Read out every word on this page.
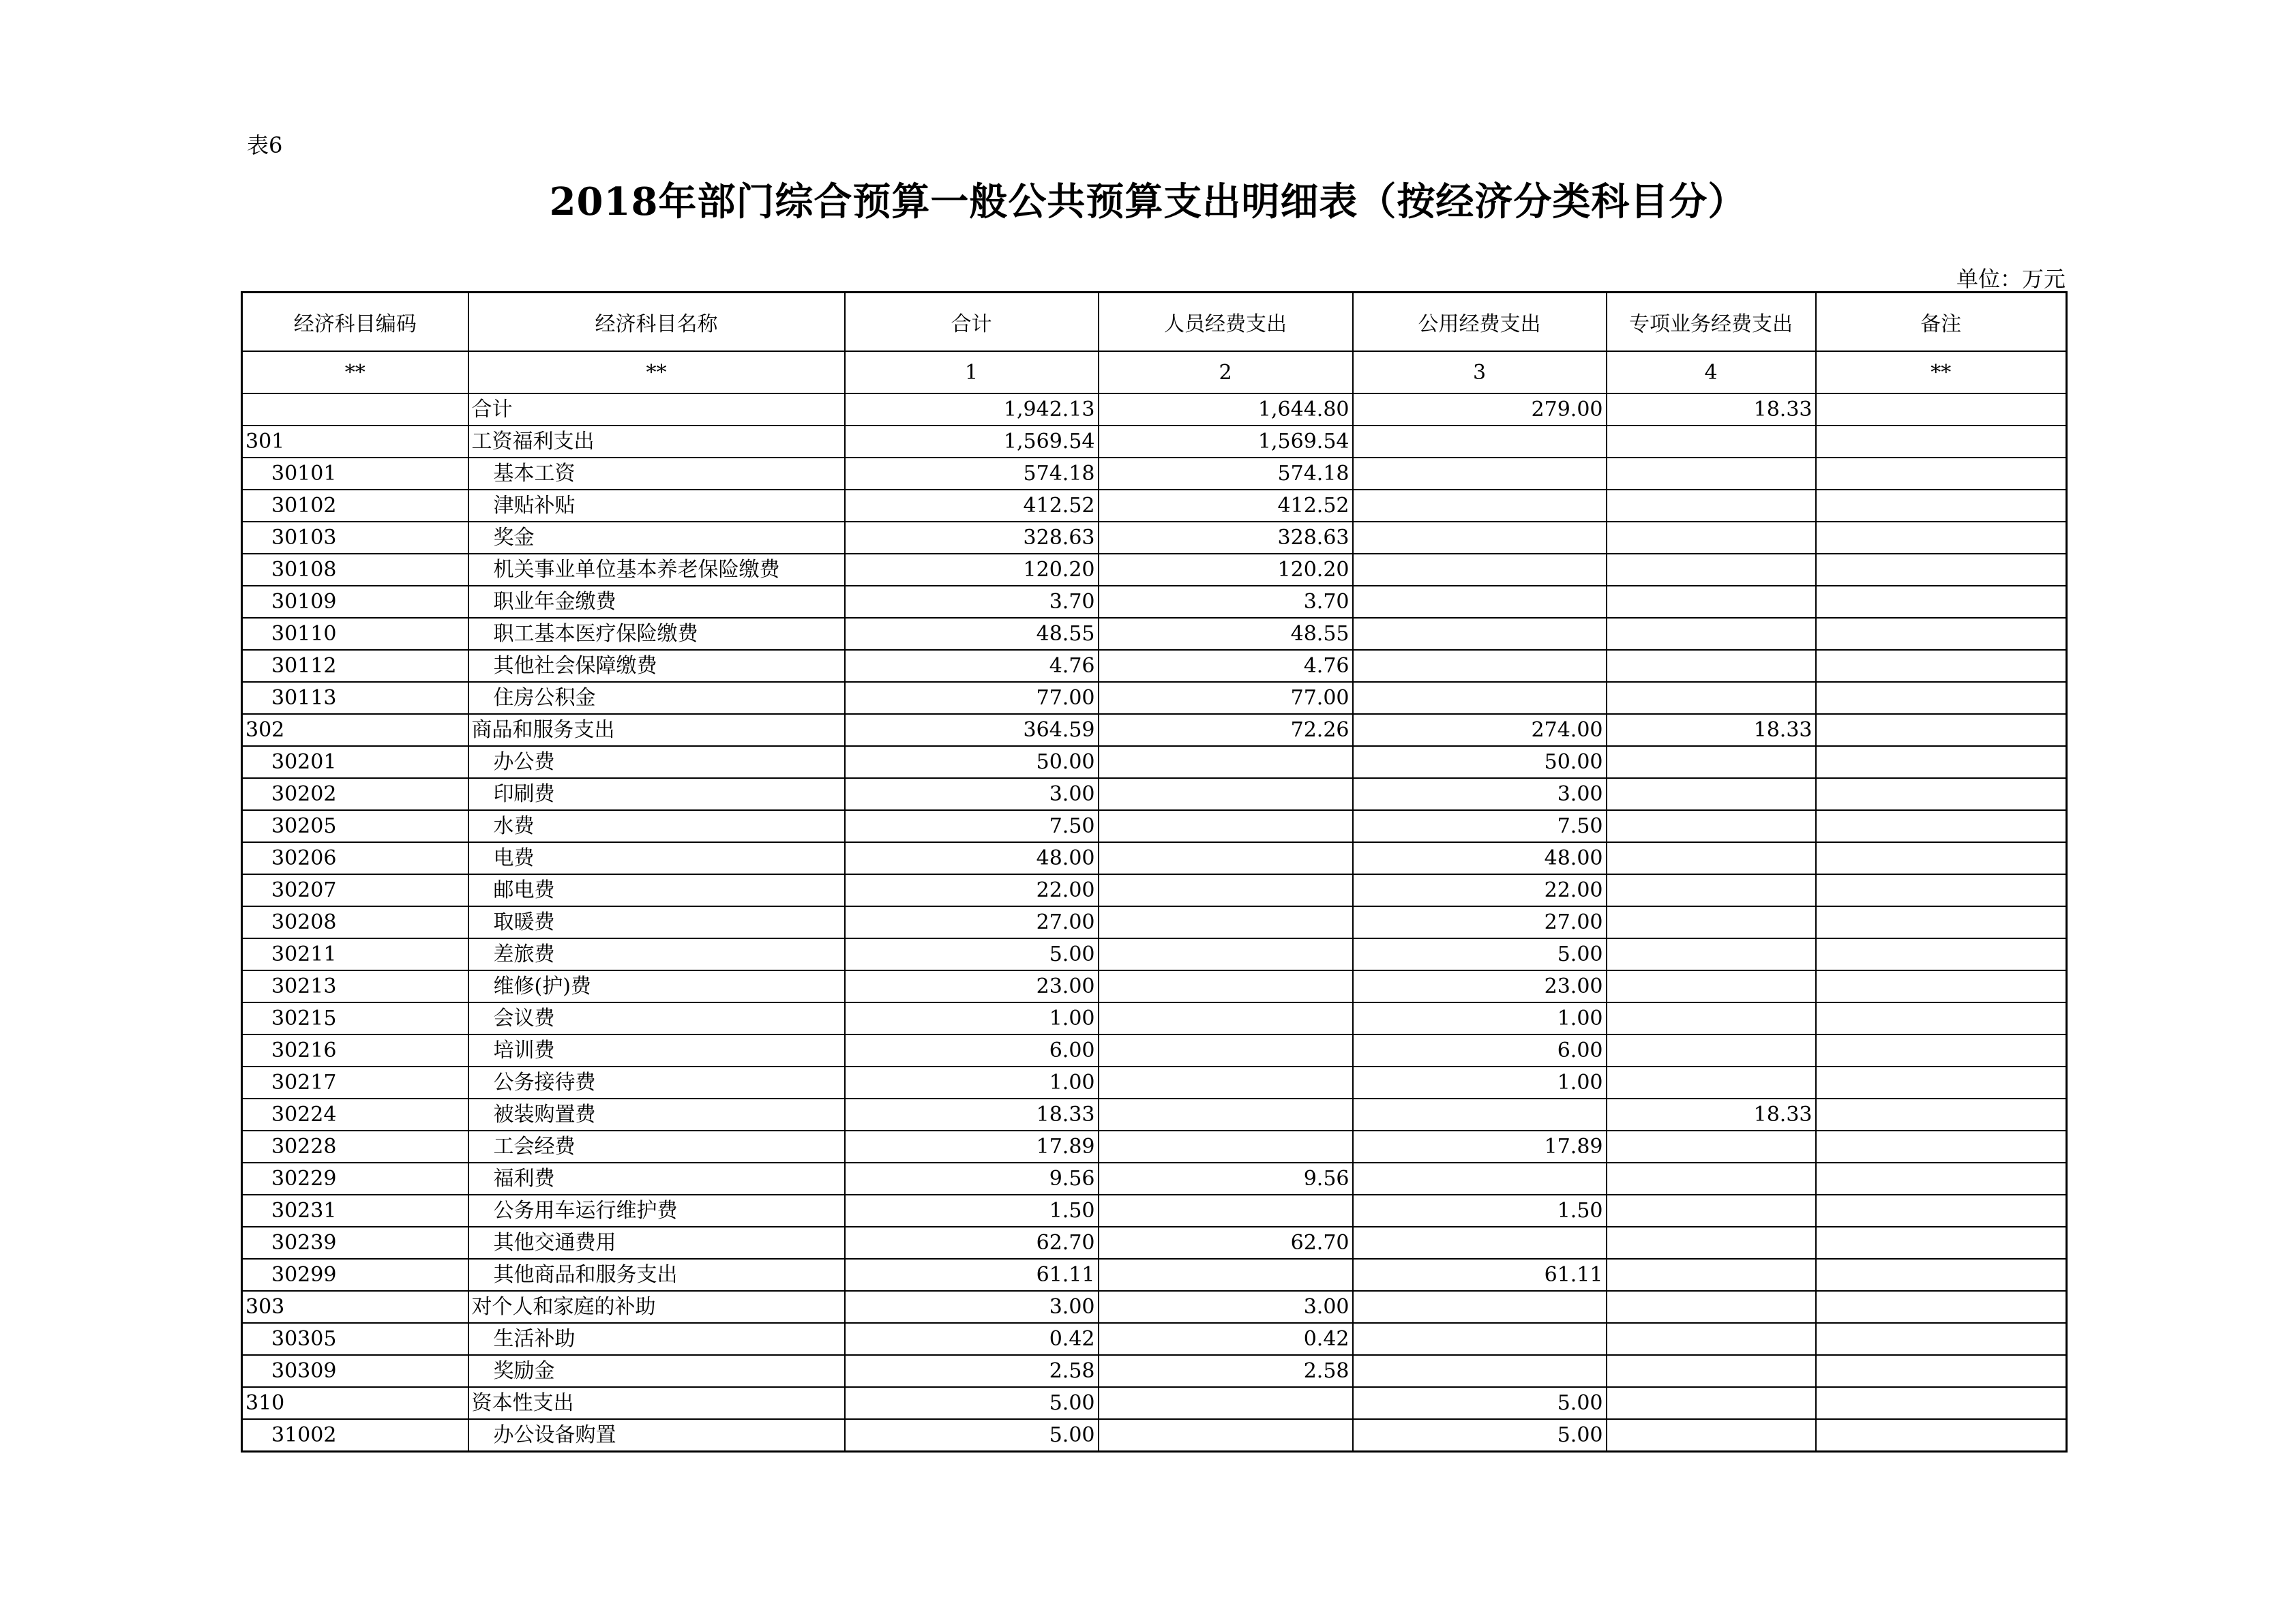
表6
2018年部门综合预算一般公共预算支出明细表（按经济分类科目分）
单位：万元
经济科目编码	经济科目名称	合计	人员经费支出	公用经费支出	专项业务经费支出	备注
**	**	1	2	3	4	**
	合计	1,942.13	1,644.80	279.00	18.33	
301	工资福利支出	1,569.54	1,569.54			
30101	基本工资	574.18	574.18			
30102	津贴补贴	412.52	412.52			
30103	奖金	328.63	328.63			
30108	机关事业单位基本养老保险缴费	120.20	120.20			
30109	职业年金缴费	3.70	3.70			
30110	职工基本医疗保险缴费	48.55	48.55			
30112	其他社会保障缴费	4.76	4.76			
30113	住房公积金	77.00	77.00			
302	商品和服务支出	364.59	72.26	274.00	18.33	
30201	办公费	50.00		50.00		
30202	印刷费	3.00		3.00		
30205	水费	7.50		7.50		
30206	电费	48.00		48.00		
30207	邮电费	22.00		22.00		
30208	取暖费	27.00		27.00		
30211	差旅费	5.00		5.00		
30213	维修(护)费	23.00		23.00		
30215	会议费	1.00		1.00		
30216	培训费	6.00		6.00		
30217	公务接待费	1.00		1.00		
30224	被装购置费	18.33			18.33	
30228	工会经费	17.89		17.89		
30229	福利费	9.56	9.56			
30231	公务用车运行维护费	1.50		1.50		
30239	其他交通费用	62.70	62.70			
30299	其他商品和服务支出	61.11		61.11		
303	对个人和家庭的补助	3.00	3.00			
30305	生活补助	0.42	0.42			
30309	奖励金	2.58	2.58			
310	资本性支出	5.00		5.00		
31002	办公设备购置	5.00		5.00		
